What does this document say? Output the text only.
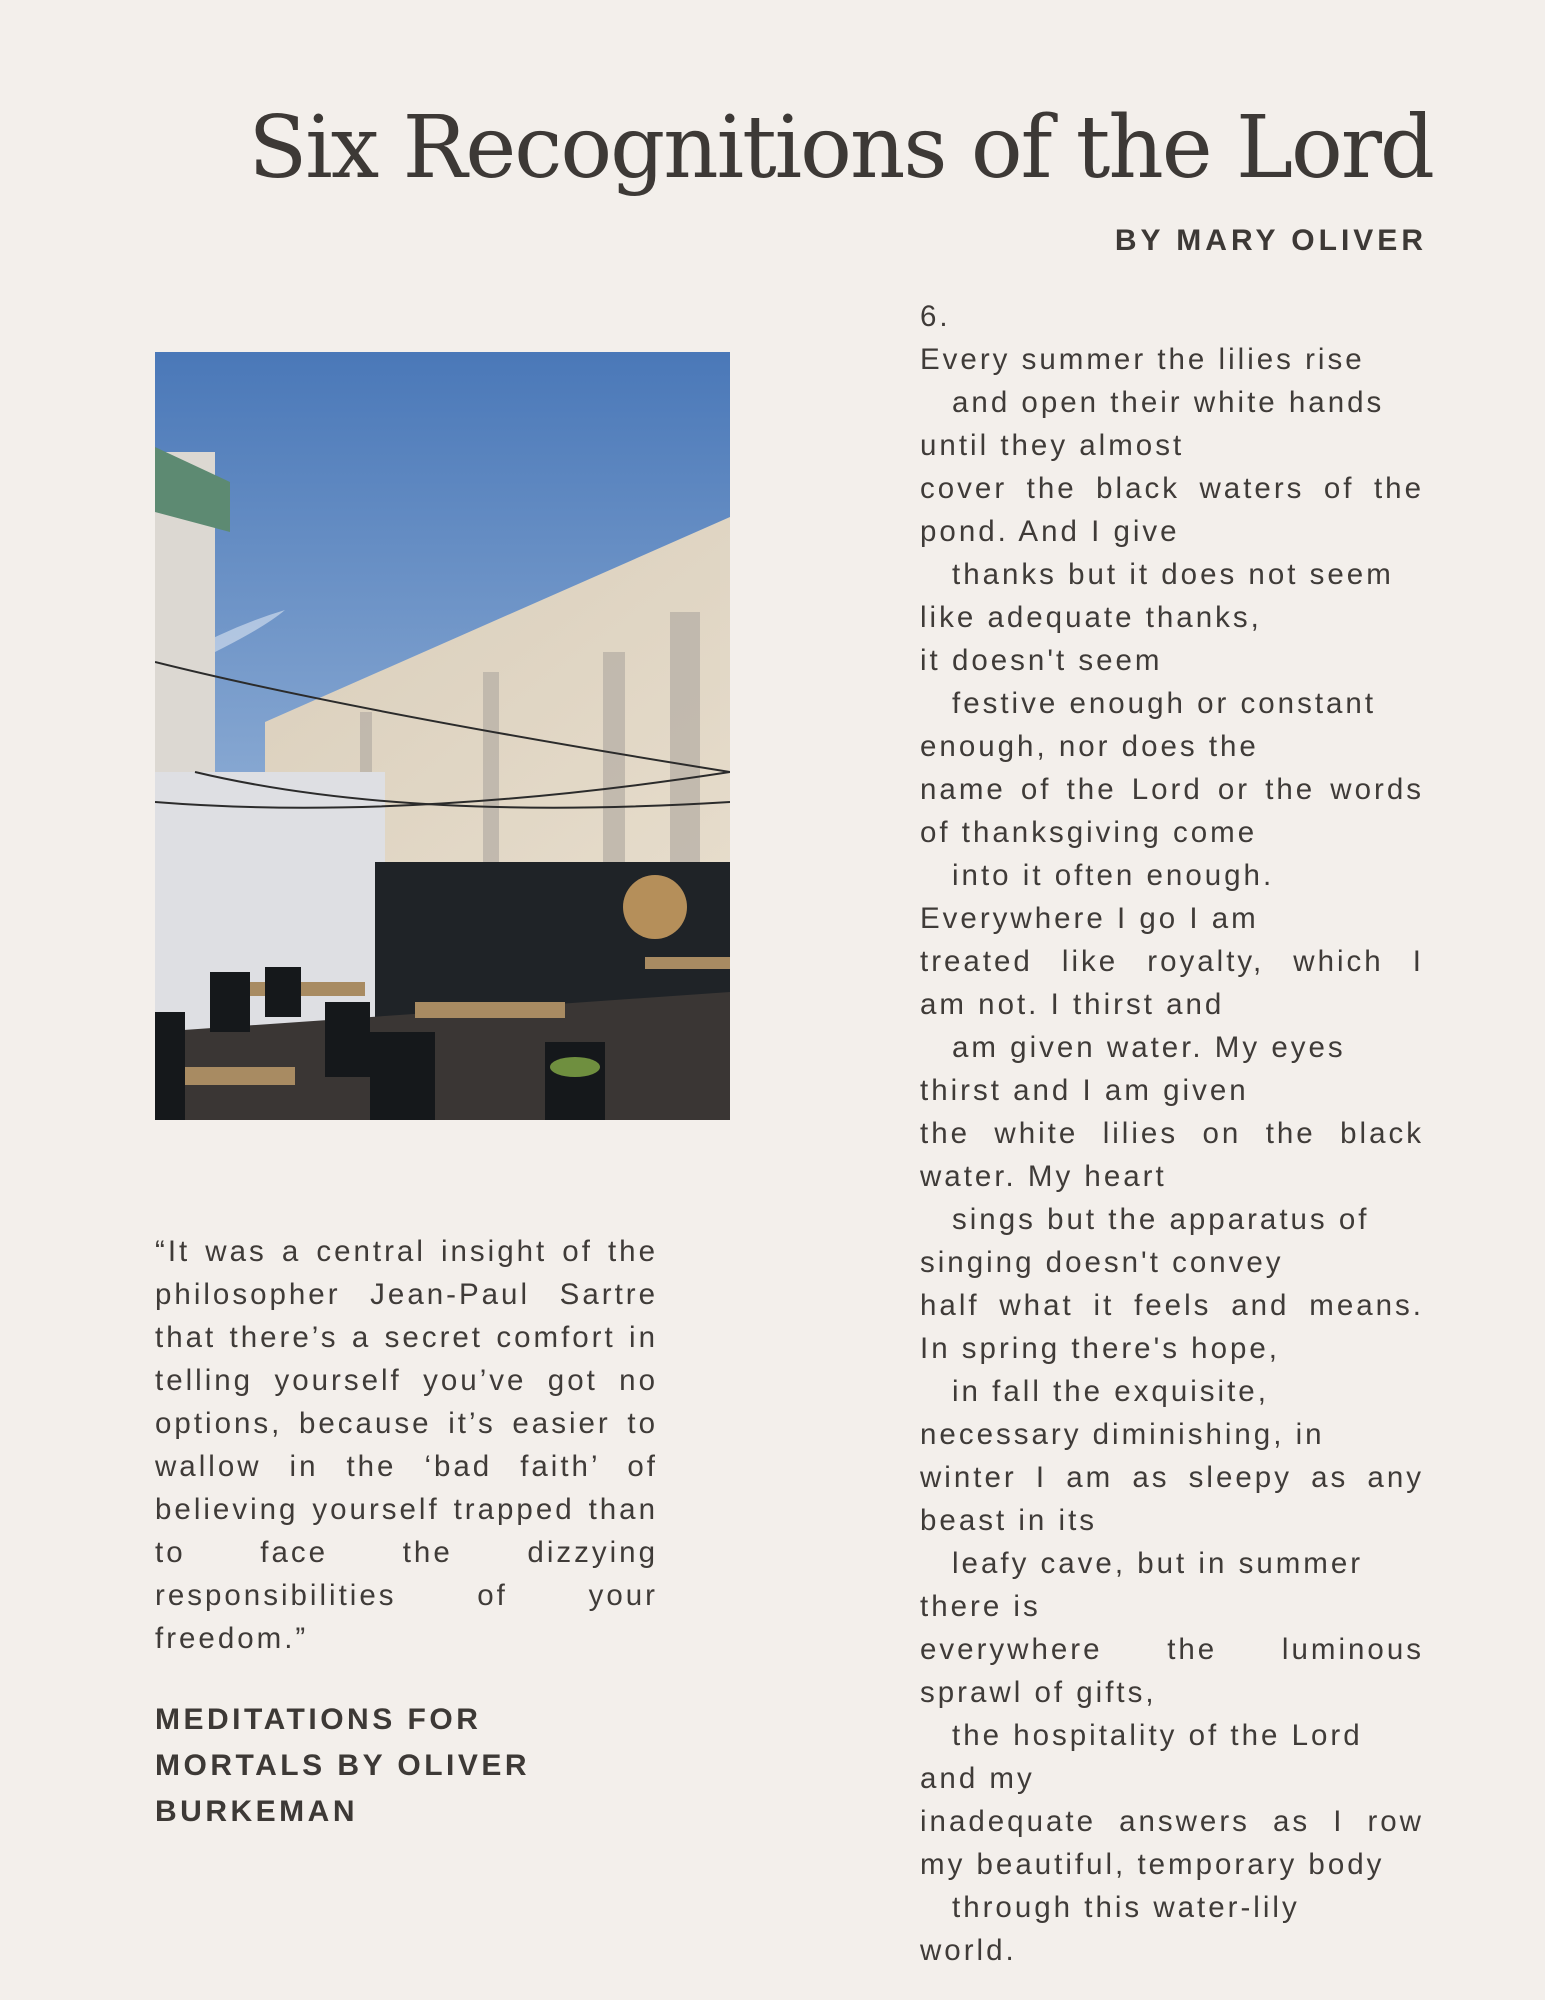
Six Recognitions of the Lord
BY MARY OLIVER

“It was a central insight of the philosopher Jean-Paul Sartre that there’s a secret comfort in telling yourself you’ve got no options, because it’s easier to wallow in the ‘bad faith’ of believing yourself trapped than to face the dizzying responsibilities of your freedom.”

MEDITATIONS FOR
MORTALS BY OLIVER
BURKEMAN
6.
Every summer the lilies rise
and open their white hands
until they almost
cover the black waters of the
pond. And I give
thanks but it does not seem
like adequate thanks,
it doesn't seem
festive enough or constant
enough, nor does the
name of the Lord or the words
of thanksgiving come
into it often enough.
Everywhere I go I am
treated like royalty, which I
am not. I thirst and
am given water. My eyes
thirst and I am given
the white lilies on the black
water. My heart
sings but the apparatus of
singing doesn't convey
half what it feels and means.
In spring there's hope,
in fall the exquisite,
necessary diminishing, in
winter I am as sleepy as any
beast in its
leafy cave, but in summer
there is
everywhere the luminous
sprawl of gifts,
the hospitality of the Lord
and my
inadequate answers as I row
my beautiful, temporary body
through this water-lily
world.
